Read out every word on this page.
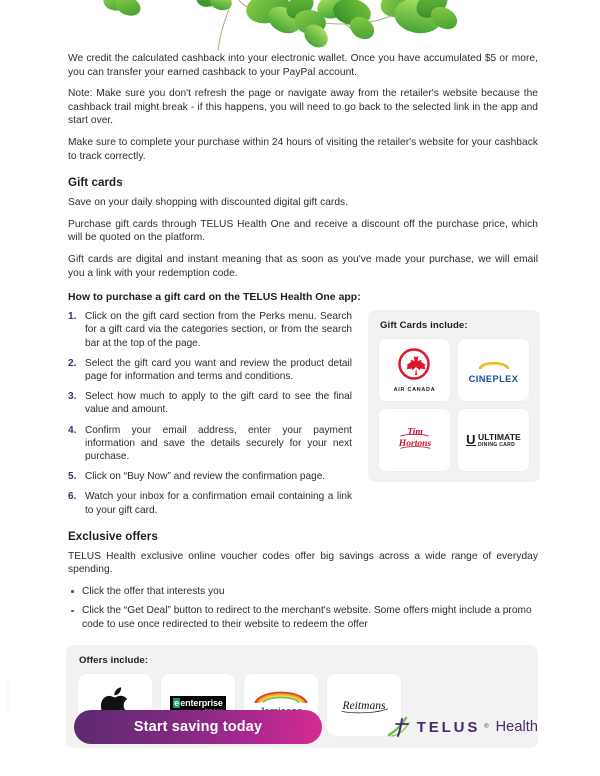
We credit the calculated cashback into your electronic wallet. Once you have accumulated $5 or more, you can transfer your earned cashback to your PayPal account.

Note: Make sure you don't refresh the page or navigate away from the retailer's website because the cashback trail might break - if this happens, you will need to go back to the selected link in the app and start over.

Make sure to complete your purchase within 24 hours of visiting the retailer's website for your cashback to track correctly.

Gift cards

Save on your daily shopping with discounted digital gift cards.

Purchase gift cards through TELUS Health One and receive a discount off the purchase price, which will be quoted on the platform.

Gift cards are digital and instant meaning that as soon as you've made your purchase, we will email you a link with your redemption code.

How to purchase a gift card on the TELUS Health One app:
1. Click on the gift card section from the Perks menu. Search for a gift card via the categories section, or from the search bar at the top of the page.
2. Select the gift card you want and review the product detail page for information and terms and conditions.
3. Select how much to apply to the gift card to see the final value and amount.
4. Confirm your email address, enter your payment information and save the details securely for your next purchase.
5. Click on “Buy Now” and review the confirmation page.
6. Watch your inbox for a confirmation email containing a link to your gift card.
Gift Cards include:
AIR CANADA
CINEPLEX
Tim
Hortons	U ULTIMATE
DINING CARD
Exclusive offers

TELUS Health exclusive online voucher codes offer big savings across a wide range of everyday spending.

Click the offer that interests you
Click the “Get Deal” button to redirect to the merchant's website. Some offers might include a promo code to use once redirected to their website to redeem the offer
Offers include:
e enterprise	Reitmans
Start saving today	TELUS ® Health
TELUS Health
